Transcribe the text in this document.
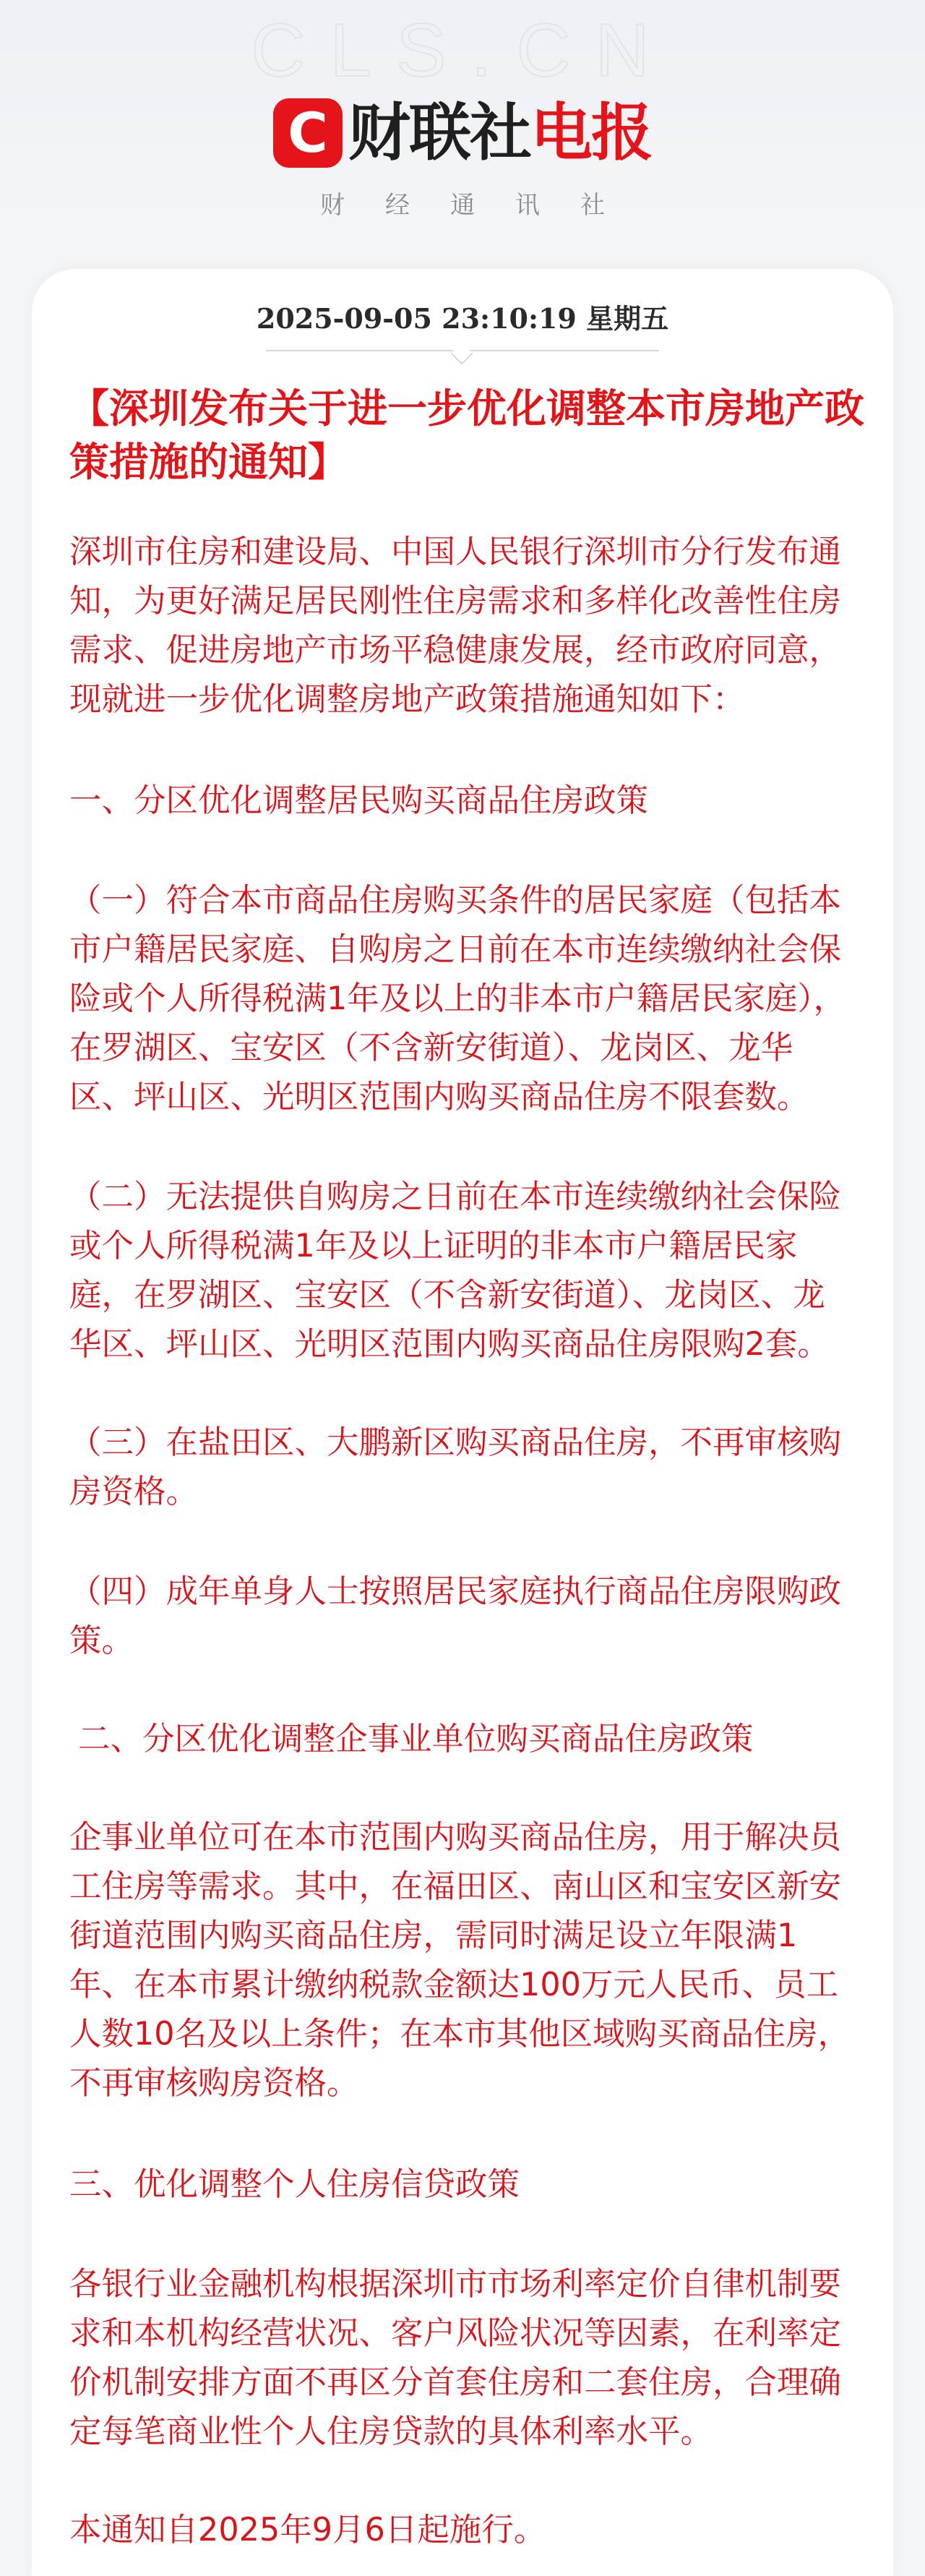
CLS.CN
C 财联社 电报
财经通讯社
2025-09-05 23:10:19 星期五
【深圳发布关于进一步优化调整本市房地产政策措施的通知】

深圳市住房和建设局、中国人民银行深圳市分行发布通知，为更好满足居民刚性住房需求和多样化改善性住房需求、促进房地产市场平稳健康发展，经市政府同意，现就进一步优化调整房地产政策措施通知如下：

一、分区优化调整居民购买商品住房政策

（一）符合本市商品住房购买条件的居民家庭（包括本市户籍居民家庭、自购房之日前在本市连续缴纳社会保险或个人所得税满1年及以上的非本市户籍居民家庭），在罗湖区、宝安区（不含新安街道）、龙岗区、龙华区、坪山区、光明区范围内购买商品住房不限套数。

（二）无法提供自购房之日前在本市连续缴纳社会保险或个人所得税满1年及以上证明的非本市户籍居民家庭，在罗湖区、宝安区（不含新安街道）、龙岗区、龙华区、坪山区、光明区范围内购买商品住房限购2套。

（三）在盐田区、大鹏新区购买商品住房，不再审核购房资格。

（四）成年单身人士按照居民家庭执行商品住房限购政策。

二、分区优化调整企事业单位购买商品住房政策

企事业单位可在本市范围内购买商品住房，用于解决员工住房等需求。其中，在福田区、南山区和宝安区新安街道范围内购买商品住房，需同时满足设立年限满1年、在本市累计缴纳税款金额达100万元人民币、员工人数10名及以上条件；在本市其他区域购买商品住房，不再审核购房资格。

三、优化调整个人住房信贷政策

各银行业金融机构根据深圳市市场利率定价自律机制要求和本机构经营状况、客户风险状况等因素，在利率定价机制安排方面不再区分首套住房和二套住房，合理确定每笔商业性个人住房贷款的具体利率水平。

本通知自2025年9月6日起施行。
